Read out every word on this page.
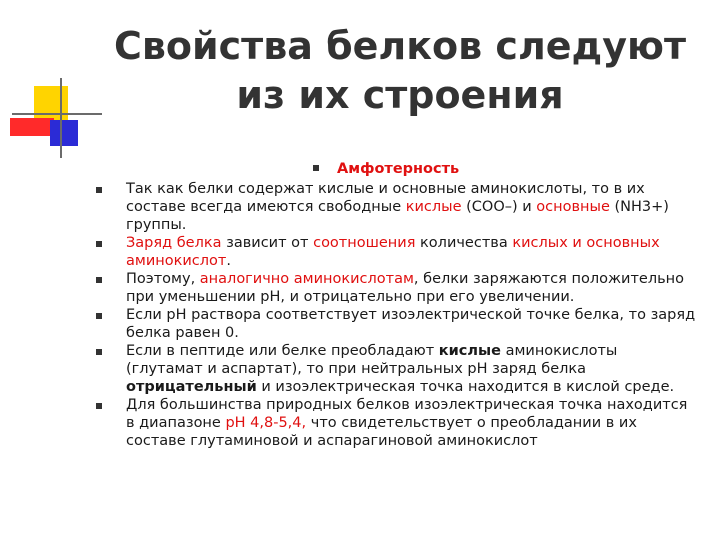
Свойства белков следуют
из их строения
Амфотерность
Так как белки содержат кислые и основные аминокислоты, то в их составе всегда имеются свободные кислые (СОО–) и основные (NH3+) группы.
Заряд белка зависит от соотношения количества кислых и основных аминокислот.
Поэтому, аналогично аминокислотам, белки заряжаются положительно при уменьшении рН, и отрицательно при его увеличении.
Если рН раствора соответствует изоэлектрической точке белка, то заряд белка равен 0.
Если в пептиде или белке преобладают кислые аминокислоты (глутамат и аспартат), то при нейтральных рН заряд белка отрицательный и изоэлектрическая точка находится в кислой среде.
Для большинства природных белков изоэлектрическая точка находится в диапазоне рН 4,8-5,4, что свидетельствует о преобладании в их составе глутаминовой и аспарагиновой аминокислот
